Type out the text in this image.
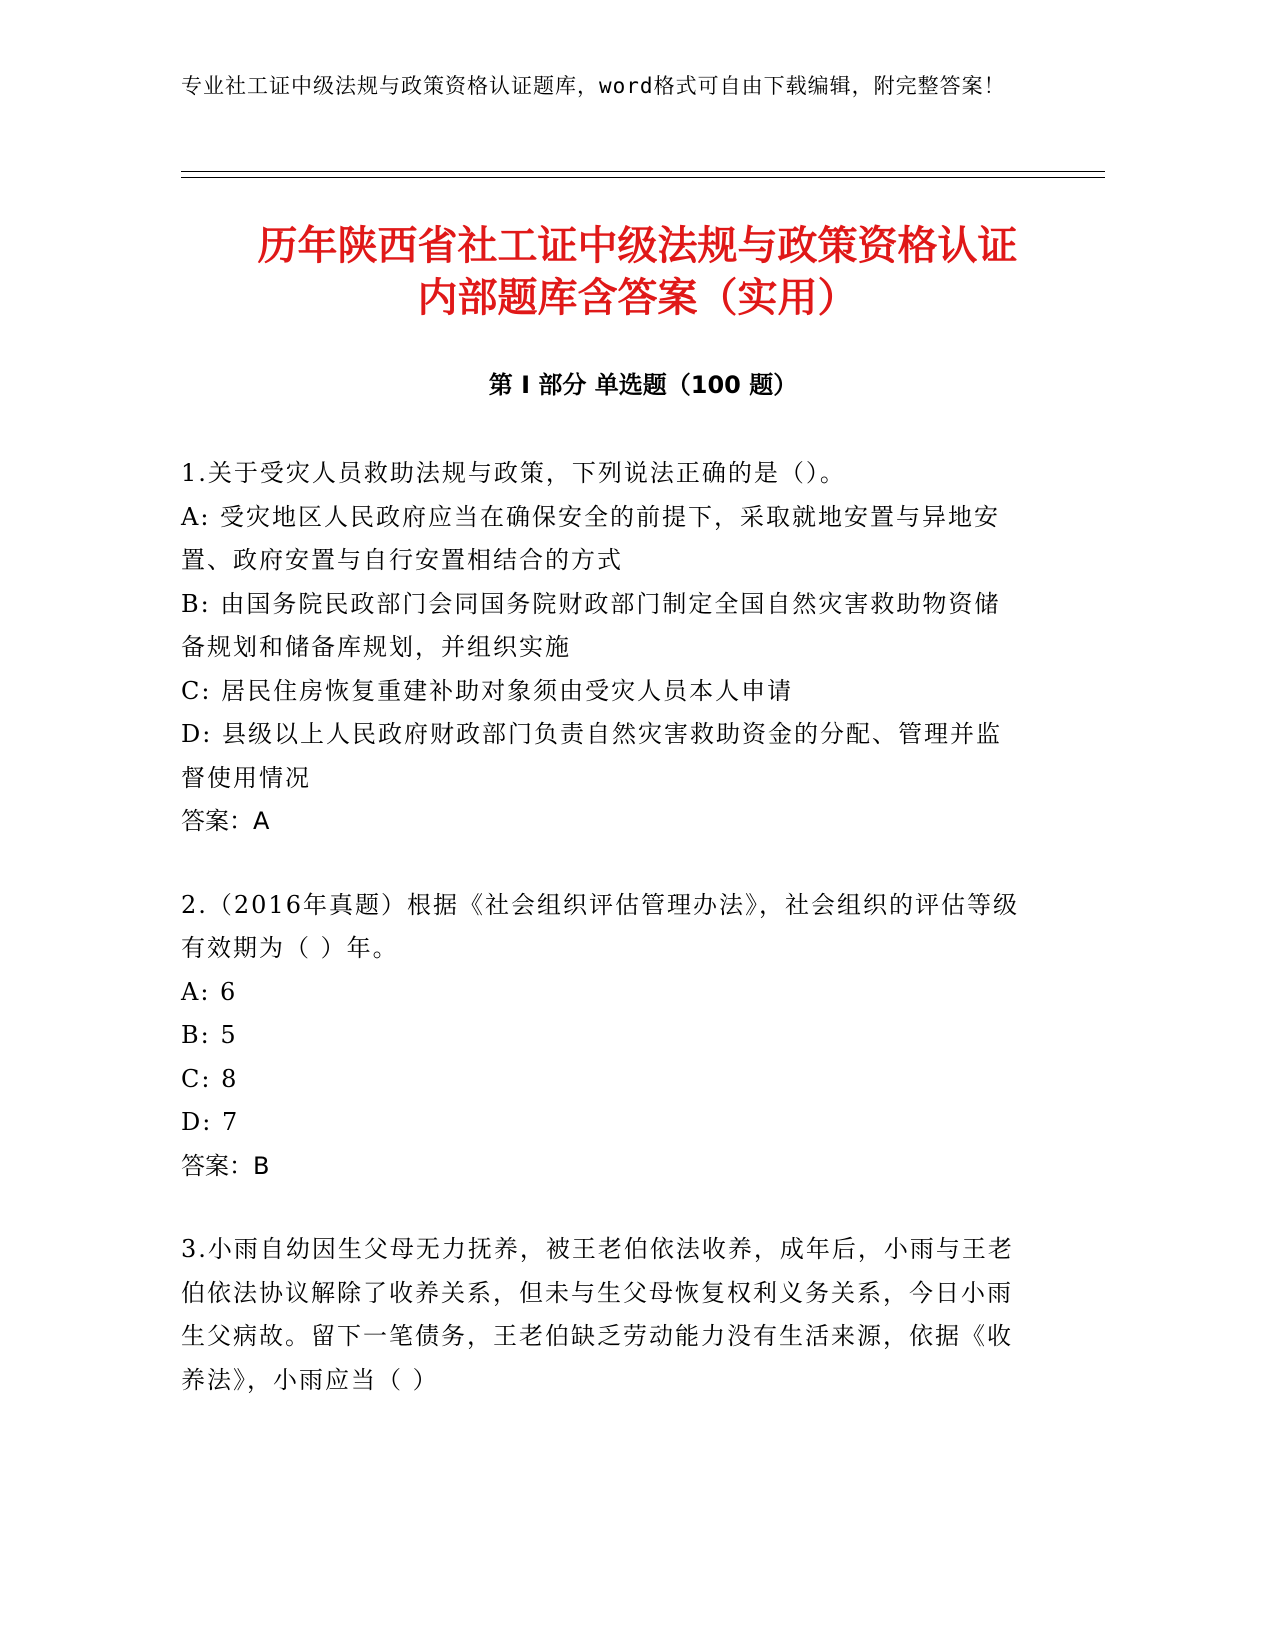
专业社工证中级法规与政策资格认证题库，word格式可自由下载编辑，附完整答案！
历年陕西省社工证中级法规与政策资格认证
内部题库含答案（实用）
第 I 部分 单选题（100 题）

1.关于受灾人员救助法规与政策，下列说法正确的是（）。

A: 受灾地区人民政府应当在确保安全的前提下，采取就地安置与异地安置、政府安置与自行安置相结合的方式

B: 由国务院民政部门会同国务院财政部门制定全国自然灾害救助物资储备规划和储备库规划，并组织实施

C: 居民住房恢复重建补助对象须由受灾人员本人申请

D: 县级以上人民政府财政部门负责自然灾害救助资金的分配、管理并监督使用情况

答案：A

2.（2016年真题）根据《社会组织评估管理办法》，社会组织的评估等级有效期为（ ）年。

A: 6

B: 5

C: 8

D: 7

答案：B

3.小雨自幼因生父母无力抚养，被王老伯依法收养，成年后，小雨与王老伯依法协议解除了收养关系，但未与生父母恢复权利义务关系，今日小雨生父病故。留下一笔债务，王老伯缺乏劳动能力没有生活来源，依据《收养法》，小雨应当（ ）
